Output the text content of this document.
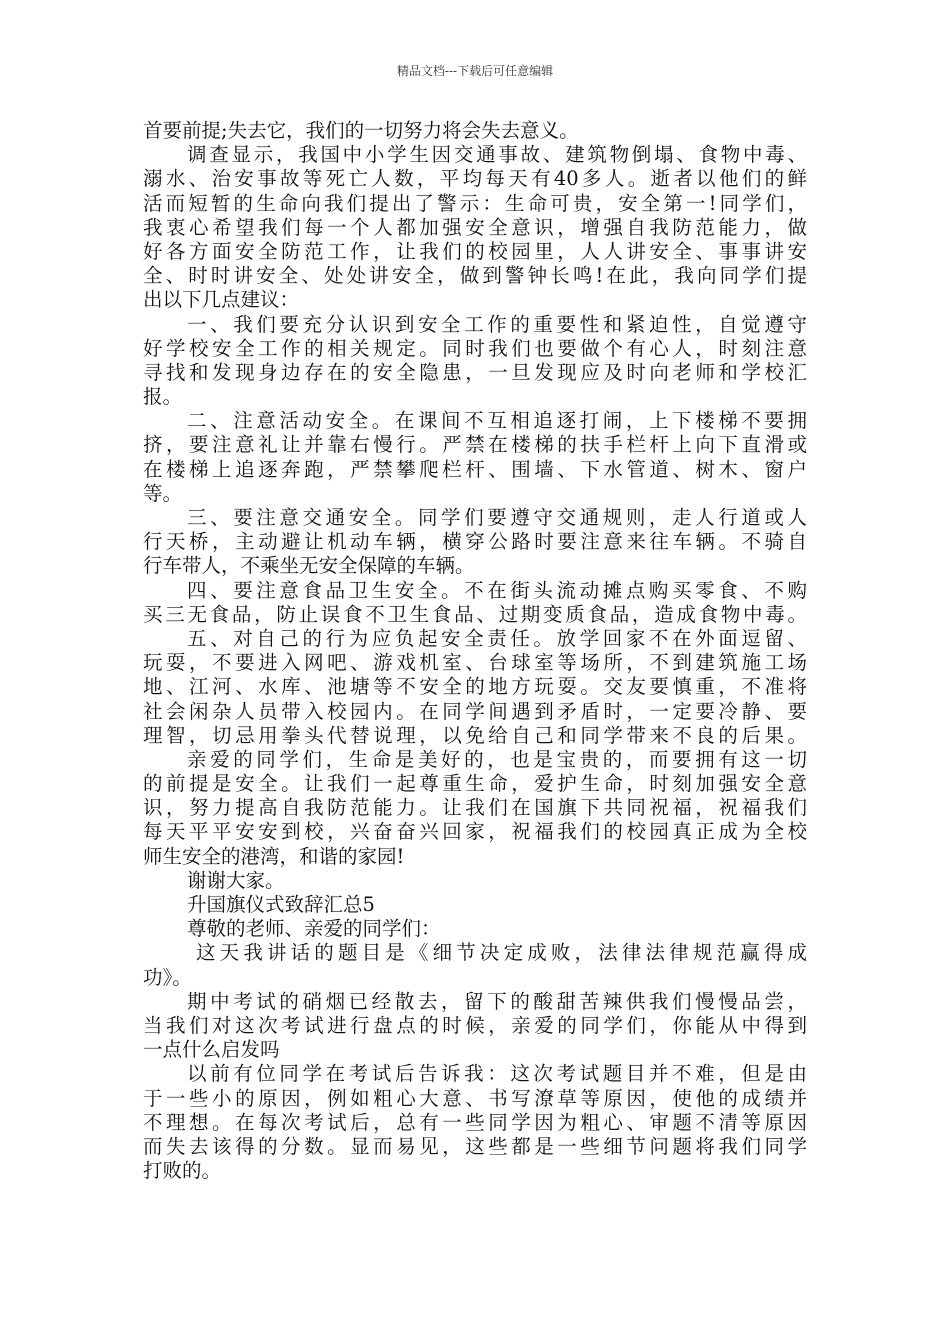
精品文档---下载后可任意编辑
首要前提;失去它，我们的一切努力将会失去意义。
调查显示，我国中小学生因交通事故、建筑物倒塌、食物中毒、
溺水、治安事故等死亡人数，平均每天有40多人。逝者以他们的鲜
活而短暂的生命向我们提出了警示：生命可贵，安全第一!同学们，
我衷心希望我们每一个人都加强安全意识，增强自我防范能力，做
好各方面安全防范工作，让我们的校园里，人人讲安全、事事讲安
全、时时讲安全、处处讲安全，做到警钟长鸣!在此，我向同学们提
出以下几点建议：
一、我们要充分认识到安全工作的重要性和紧迫性，自觉遵守
好学校安全工作的相关规定。同时我们也要做个有心人，时刻注意
寻找和发现身边存在的安全隐患，一旦发现应及时向老师和学校汇
报。
二、注意活动安全。在课间不互相追逐打闹，上下楼梯不要拥
挤，要注意礼让并靠右慢行。严禁在楼梯的扶手栏杆上向下直滑或
在楼梯上追逐奔跑，严禁攀爬栏杆、围墙、下水管道、树木、窗户
等。
三、要注意交通安全。同学们要遵守交通规则，走人行道或人
行天桥，主动避让机动车辆，横穿公路时要注意来往车辆。不骑自
行车带人，不乘坐无安全保障的车辆。
四、要注意食品卫生安全。不在街头流动摊点购买零食、不购
买三无食品，防止误食不卫生食品、过期变质食品，造成食物中毒。
五、对自己的行为应负起安全责任。放学回家不在外面逗留、
玩耍，不要进入网吧、游戏机室、台球室等场所，不到建筑施工场
地、江河、水库、池塘等不安全的地方玩耍。交友要慎重，不准将
社会闲杂人员带入校园内。在同学间遇到矛盾时，一定要冷静、要
理智，切忌用拳头代替说理，以免给自己和同学带来不良的后果。
亲爱的同学们，生命是美好的，也是宝贵的，而要拥有这一切
的前提是安全。让我们一起尊重生命，爱护生命，时刻加强安全意
识，努力提高自我防范能力。让我们在国旗下共同祝福，祝福我们
每天平平安安到校，兴奋奋兴回家，祝福我们的校园真正成为全校
师生安全的港湾，和谐的家园!
谢谢大家。
升国旗仪式致辞汇总5
尊敬的老师、亲爱的同学们：
这天我讲话的题目是《细节决定成败，法律法律规范赢得成
功》。
期中考试的硝烟已经散去，留下的酸甜苦辣供我们慢慢品尝，
当我们对这次考试进行盘点的时候，亲爱的同学们，你能从中得到
一点什么启发吗
以前有位同学在考试后告诉我：这次考试题目并不难，但是由
于一些小的原因，例如粗心大意、书写潦草等原因，使他的成绩并
不理想。在每次考试后，总有一些同学因为粗心、审题不清等原因
而失去该得的分数。显而易见，这些都是一些细节问题将我们同学
打败的。
